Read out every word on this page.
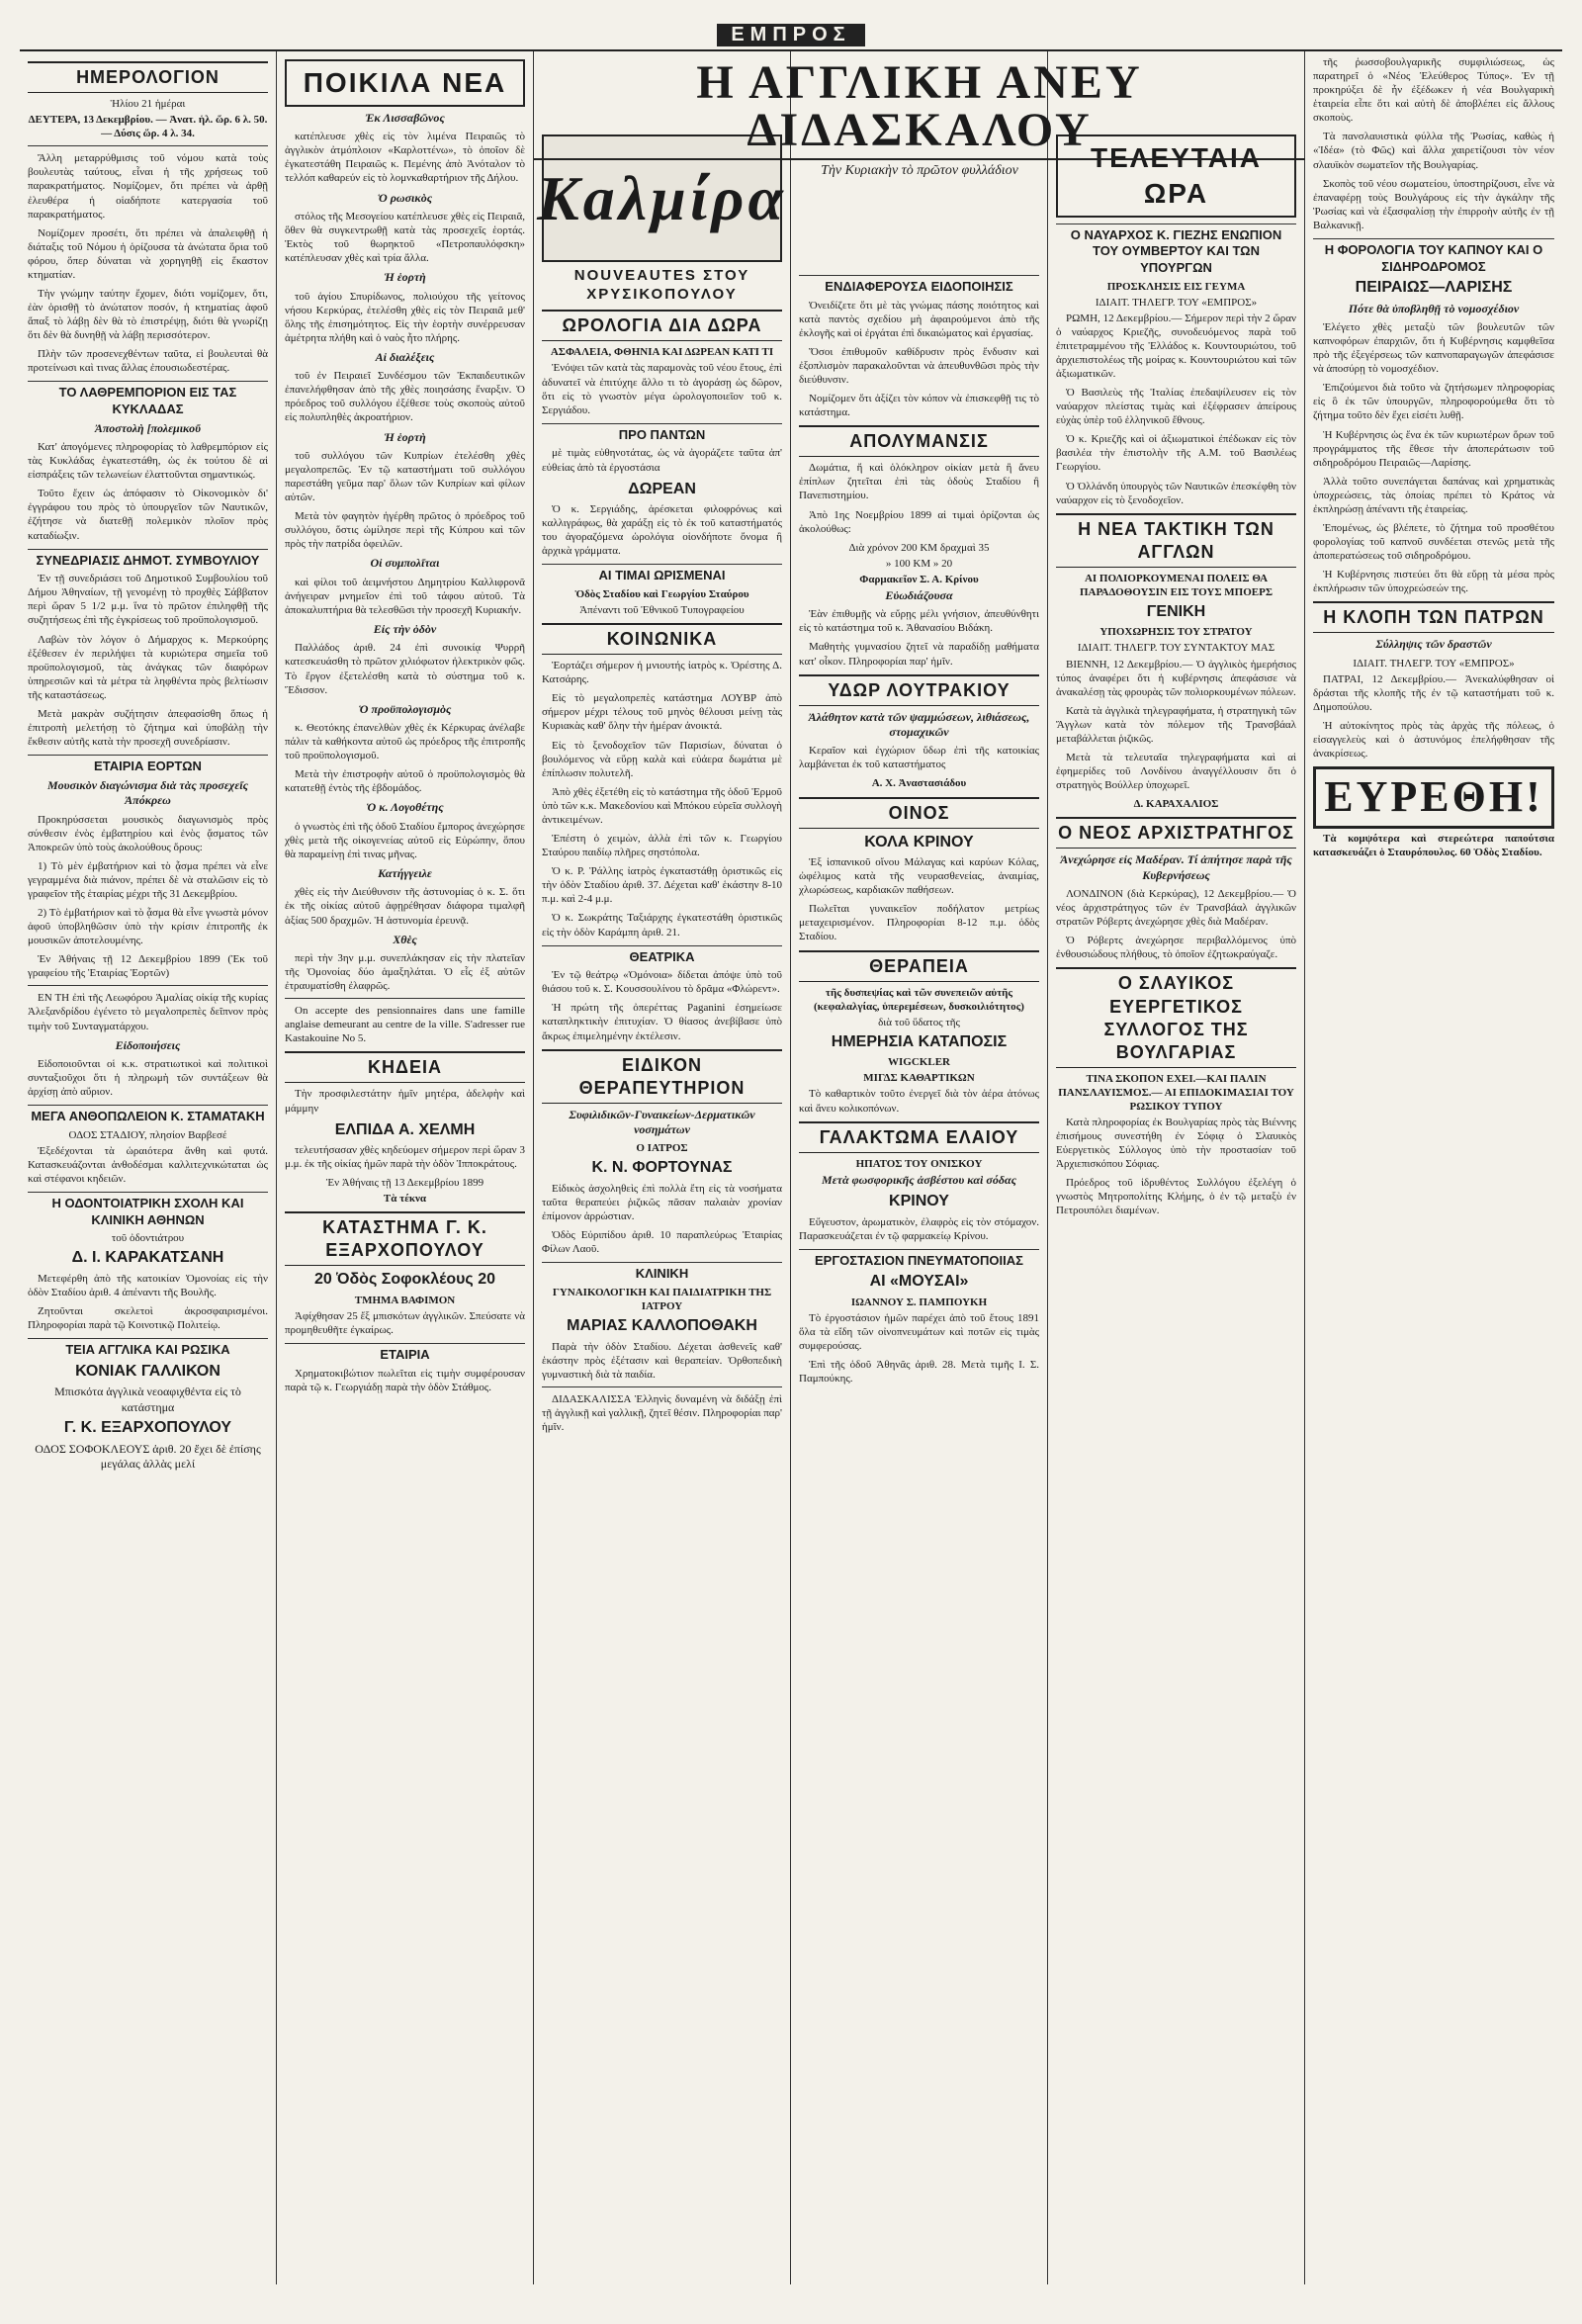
ΕΜΠΡΟΣ
ΗΜΕΡΟΛΟΓΙΟΝ
Ἡλίου 21 ἡμέραι
ΔΕΥΤΕΡΑ, 13 Δεκεμβρίου. — Ἀνατ. ἡλ. ὥρ. 6 λ. 50.— Δύσις ὥρ. 4 λ. 34.

Ἄλλη μεταρρύθμισις τοῦ νόμου κατὰ τοὺς βουλευτὰς ταύτους, εἶναι ἡ τῆς χρήσεως τοῦ παρακρατήματος. Νομίζομεν, ὅτι πρέπει νὰ ἀρθῇ ἐλευθέρα ἡ οἱαδήποτε κατεργασία τοῦ παρακρατήματος.

Νομίζομεν προσέτι, ὅτι πρέπει νὰ ἀπαλειφθῇ ἡ διάταξις τοῦ Νόμου ἡ ὁρίζουσα τὰ ἀνώτατα ὅρια τοῦ φόρου, ὅπερ δύναται νὰ χορηγηθῇ εἰς ἕκαστον κτηματίαν.

Τὴν γνώμην ταύτην ἔχομεν, διότι νομίζομεν, ὅτι, ἐὰν ὁρισθῇ τὸ ἀνώτατον ποσόν, ἡ κτηματίας ἀφοῦ ἅπαξ τὸ λάβῃ δὲν θὰ τὸ ἐπιστρέψῃ, διότι θὰ γνωρίζῃ ὅτι δὲν θὰ δυνηθῇ νὰ λάβῃ περισσότερον.

Πλὴν τῶν προσενεχθέντων ταῦτα, εἰ βουλευταὶ θὰ προτείνωσι καὶ τινας ἄλλας ἐπουσιωδεστέρας.

ΤΟ ΛΑΘΡΕΜΠΟΡΙΟΝ ΕΙΣ ΤΑΣ ΚΥΚΛΑΔΑΣ
Ἀποστολὴ [πολεμικοῦ

Κατ' ἀπογόμενες πληροφορίας τὸ λαθρεμπόριον εἰς τὰς Κυκλάδας ἐγκατεστάθη, ὡς ἐκ τούτου δὲ αἱ εἰσπράξεις τῶν τελωνείων ἐλαττοῦνται σημαντικώς.

Τοῦτο ἔχειν ὡς ἀπόφασιν τὸ Οἰκονομικὸν δι' ἐγγράφου του πρὸς τὸ ὑπουργεῖον τῶν Ναυτικῶν, ἐζήτησε νὰ διατεθῇ πολεμικὸν πλοῖον πρὸς καταδίωξιν.

ΣΥΝΕΔΡΙΑΣΙΣ ΔΗΜΟΤ. ΣΥΜΒΟΥΛΙΟΥ

Ἐν τῇ συνεδριάσει τοῦ Δημοτικοῦ Συμβουλίου τοῦ Δήμου Ἀθηναίων, τῇ γενομένῃ τὸ προχθὲς Σάββατον περὶ ὥραν 5 1/2 μ.μ. ἵνα τὸ πρῶτον ἐπιληφθῇ τῆς συζητήσεως ἐπὶ τῆς ἐγκρίσεως τοῦ προϋπολογισμοῦ.

Λαβὼν τὸν λόγον ὁ Δήμαρχος κ. Μερκούρης ἐξέθεσεν ἐν περιλήψει τὰ κυριώτερα σημεῖα τοῦ προϋπολογισμοῦ, τὰς ἀνάγκας τῶν διαφόρων ὑπηρεσιῶν καὶ τὰ μέτρα τὰ ληφθέντα πρὸς βελτίωσιν τῆς καταστάσεως.

Μετὰ μακρὰν συζήτησιν ἀπεφασίσθη ὅπως ἡ ἐπιτροπὴ μελετήσῃ τὸ ζήτημα καὶ ὑποβάλῃ τὴν ἔκθεσιν αὐτῆς κατὰ τὴν προσεχῆ συνεδρίασιν.

ΕΤΑΙΡΙΑ ΕΟΡΤΩΝ
Μουσικὸν διαγώνισμα διὰ τὰς προσεχεῖς Ἀπόκρεω

Προκηρύσσεται μουσικὸς διαγωνισμὸς πρὸς σύνθεσιν ἐνὸς ἐμβατηρίου καὶ ἑνὸς ᾄσματος τῶν Ἀποκρεῶν ὑπὸ τοὺς ἀκολούθους ὅρους:

1) Τὸ μὲν ἐμβατήριον καὶ τὸ ᾆσμα πρέπει νὰ εἶνε γεγραμμένα διὰ πιάνον, πρέπει δὲ νὰ σταλῶσιν εἰς τὸ γραφεῖον τῆς ἑταιρίας μέχρι τῆς 31 Δεκεμβρίου.

2) Τὸ ἐμβατήριον καὶ τὸ ᾆσμα θὰ εἶνε γνωστὰ μόνον ἀφοῦ ὑποβληθῶσιν ὑπὸ τὴν κρίσιν ἐπιτροπῆς ἐκ μουσικῶν ἀποτελουμένης.

Ἐν Ἀθήναις τῇ 12 Δεκεμβρίου 1899 (Ἐκ τοῦ γραφείου τῆς Ἑταιρίας Ἑορτῶν)

ΕΝ ΤΗ ἐπὶ τῆς Λεωφόρου Ἀμαλίας οἰκίᾳ τῆς κυρίας Ἀλεξανδρίδου ἐγένετο τὸ μεγαλοπρεπὲς δεῖπνον πρὸς τιμὴν τοῦ Συνταγματάρχου.

Εἰδοποιήσεις

Εἰδοποιοῦνται οἱ κ.κ. στρατιωτικοὶ καὶ πολιτικοὶ συνταξιοῦχοι ὅτι ἡ πληρωμὴ τῶν συντάξεων θὰ ἀρχίσῃ ἀπὸ αὔριον.

ΜΕΓΑ ΑΝΘΟΠΩΛΕΙΟΝ Κ. ΣΤΑΜΑΤΑΚΗ
ΟΔΟΣ ΣΤΑΔΙΟΥ, πλησίον Βαρβεσέ

Ἐξεδέχονται τὰ ὡραιότερα ἄνθη καὶ φυτά. Κατασκευάζονται ἀνθοδέσμαι καλλιτεχνικώταται ὡς καὶ στέφανοι κηδειῶν.

Η ΟΔΟΝΤΟΙΑΤΡΙΚΗ ΣΧΟΛΗ ΚΑΙ ΚΛΙΝΙΚΗ ΑΘΗΝΩΝ
τοῦ ὀδοντιάτρου
Δ. Ι. ΚΑΡΑΚΑΤΣΑΝΗ

Μετεφέρθη ἀπὸ τῆς κατοικίαν Ὁμονοίας εἰς τὴν ὁδὸν Σταδίου ἀριθ. 4 ἀπέναντι τῆς Βουλῆς.

Ζητοῦνται σκελετοὶ ἀκροσφαιρισμένοι. Πληροφορίαι παρὰ τῷ Κοινοτικῷ Πολιτείῳ.

ΤΕΙΑ ΑΓΓΛΙΚΑ ΚΑΙ ΡΩΣΙΚΑ
ΚΟΝΙΑΚ ΓΑΛΛΙΚΟΝ
Μπισκότα ἀγγλικὰ νεοαφιχθέντα εἰς τὸ κατάστημα
Γ. Κ. ΕΞΑΡΧΟΠΟΥΛΟΥ
ΟΔΟΣ ΣΟΦΟΚΛΕΟΥΣ ἀριθ. 20 ἔχει δὲ ἐπίσης μεγάλας ἀλλὰς μελί
ΠΟΙΚΙΛΑ ΝΕΑ
Ἐκ Λισσαβῶνος

κατέπλευσε χθὲς εἰς τὸν λιμένα Πειραιῶς τὸ ἀγγλικὸν ἀτμόπλοιον «Καρλοττένω», τὸ ὁποῖον δὲ ἐγκατεστάθη Πειραιῶς κ. Πεμένης ἀπὸ Ἀνόταλον τὸ τελλόπ καθαρεύν εἰς τὸ λομνκαθαρτήριον τῆς Δήλου.

Ὁ ρωσικὸς

στόλος τῆς Μεσογείου κατέπλευσε χθὲς εἰς Πειραιᾶ, ὅθεν θὰ συγκεντρωθῇ κατὰ τὰς προσεχεῖς ἑορτάς. Ἐκτὸς τοῦ θωρηκτοῦ «Πετροπαυλόφσκη» κατέπλευσαν χθὲς καὶ τρία ἄλλα.

Ἡ ἑορτὴ

τοῦ ἁγίου Σπυρίδωνος, πολιούχου τῆς γείτονος νήσου Κερκύρας, ἐτελέσθη χθὲς εἰς τὸν Πειραιᾶ μεθ' ὅλης τῆς ἐπισημότητος. Εἰς τὴν ἑορτὴν συνέρρευσαν ἀμέτρητα πλήθη καὶ ὁ ναὸς ἦτο πλήρης.

Αἱ διαλέξεις

τοῦ ἐν Πειραιεῖ Συνδέσμου τῶν Ἐκπαιδευτικῶν ἐπανελήφθησαν ἀπὸ τῆς χθὲς ποιησάσης ἔναρξιν. Ὁ πρόεδρος τοῦ συλλόγου ἐξέθεσε τοὺς σκοποὺς αὐτοῦ εἰς πολυπληθὲς ἀκροατήριον.

Ἡ ἑορτὴ

τοῦ συλλόγου τῶν Κυπρίων ἐτελέσθη χθὲς μεγαλοπρεπῶς. Ἐν τῷ καταστήματι τοῦ συλλόγου παρεστάθη γεῦμα παρ' ὅλων τῶν Κυπρίων καὶ φίλων αὐτῶν.

Μετὰ τὸν φαγητὸν ἡγέρθη πρῶτος ὁ πρόεδρος τοῦ συλλόγου, ὅστις ὡμίλησε περὶ τῆς Κύπρου καὶ τῶν πρὸς τὴν πατρίδα ὀφειλῶν.

Οἱ συμπολῖται

καὶ φίλοι τοῦ ἀειμνήστου Δημητρίου Καλλιφρονᾶ ἀνήγειραν μνημεῖον ἐπὶ τοῦ τάφου αὐτοῦ. Τὰ ἀποκαλυπτήρια θὰ τελεσθῶσι τὴν προσεχῆ Κυριακήν.

Εἰς τὴν ὁδὸν

Παλλάδος ἀριθ. 24 ἐπὶ συνοικίᾳ Ψυρρῆ κατεσκευάσθη τὸ πρῶτον χιλιόφωτον ἠλεκτρικὸν φῶς. Τὸ ἔργον ἐξετελέσθη κατὰ τὸ σύστημα τοῦ κ. Ἔδισσον.

Ὁ προϋπολογισμὸς

κ. Θεοτόκης ἐπανελθὼν χθὲς ἐκ Κέρκυρας ἀνέλαβε πάλιν τὰ καθήκοντα αὐτοῦ ὡς πρόεδρος τῆς ἐπιτροπῆς τοῦ προϋπολογισμοῦ.

Μετὰ τὴν ἐπιστροφὴν αὐτοῦ ὁ προϋπολογισμὸς θὰ κατατεθῇ ἐντὸς τῆς ἑβδομάδος.

Ὁ κ. Λογοθέτης

ὁ γνωστὸς ἐπὶ τῆς ὁδοῦ Σταδίου ἔμπορος ἀνεχώρησε χθὲς μετὰ τῆς οἰκογενείας αὐτοῦ εἰς Εὐρώπην, ὅπου θὰ παραμείνῃ ἐπὶ τινας μῆνας.

Κατήγγειλε

χθὲς εἰς τὴν Διεύθυνσιν τῆς ἀστυνομίας ὁ κ. Σ. ὅτι ἐκ τῆς οἰκίας αὐτοῦ ἀφῃρέθησαν διάφορα τιμαλφῆ ἀξίας 500 δραχμῶν. Ἡ ἀστυνομία ἐρευνᾷ.

Χθὲς

περὶ τὴν 3ην μ.μ. συνεπλάκησαν εἰς τὴν πλατεῖαν τῆς Ὁμονοίας δύο ἁμαξηλάται. Ὁ εἷς ἐξ αὐτῶν ἐτραυματίσθη ἐλαφρῶς.

On accepte des pensionnaires dans une famille anglaise demeurant au centre de la ville. S'adresser rue Kastakouine No 5.

ΚΗΔΕΙΑ

Τὴν προσφιλεστάτην ἡμῖν μητέρα, ἀδελφὴν καὶ μάμμην

ΕΛΠΙΔΑ Α. ΧΕΛΜΗ

τελευτήσασαν χθὲς κηδεύομεν σήμερον περὶ ὥραν 3 μ.μ. ἐκ τῆς οἰκίας ἡμῶν παρὰ τὴν ὁδὸν Ἰπποκράτους.

Ἐν Ἀθήναις τῇ 13 Δεκεμβρίου 1899
Τὰ τέκνα
ΚΑΤΑΣΤΗΜΑ Γ. Κ. ΕΞΑΡΧΟΠΟΥΛΟΥ
20 Ὁδὸς Σοφοκλέους 20
ΤΜΗΜΑ ΒΑΦΙΜΟΝ

Ἀφίχθησαν 25 ἔξ μπισκότων ἀγγλικῶν. Σπεύσατε νὰ προμηθευθῆτε ἐγκαίρως.

ΕΤΑΙΡΙΑ

Χρηματοκιβώτιον πωλεῖται εἰς τιμὴν συμφέρουσαν παρὰ τῷ κ. Γεωργιάδῃ παρὰ τὴν ὁδὸν Στάθμος.

Kaλμίρα
NOUVEAUTES ΣΤΟΥ ΧΡΥΣΙΚΟΠΟΥΛΟΥ
ΩΡΟΛΟΓΙΑ ΔΙΑ ΔΩΡΑ
ΑΣΦΑΛΕΙΑ, ΦΘΗΝΙΑ ΚΑΙ ΔΩΡΕΑΝ ΚΑΤΙ ΤΙ

Ἐνόψει τῶν κατὰ τὰς παραμονὰς τοῦ νέου ἔτους, ἐπὶ ἀδυνατεῖ νὰ ἐπιτύχηε ἄλλο τι τὸ ἀγοράσῃ ὡς δῶρον, ὅτι εἰς τὸ γνωστὸν μέγα ὡρολογοποιεῖον τοῦ κ. Σεργιάδου.

ΠΡΟ ΠΑΝΤΩΝ

μὲ τιμὰς εὐθηνοτάτας, ὡς νὰ ἀγοράζετε ταῦτα ἀπ' εὐθείας ἀπὸ τὰ ἐργοστάσια

ΔΩΡΕΑΝ

Ὁ κ. Σεργιάδης, ἀρέσκεται φιλοφρόνως καὶ καλλιγράφως, θὰ χαράξῃ εἰς τὸ ἐκ τοῦ καταστήματός του ἀγοραζόμενα ὡρολόγια οἱονδήποτε ὄνομα ἢ ἀρχικὰ γράμματα.

ΑΙ ΤΙΜΑΙ ΩΡΙΣΜΕΝΑΙ
Ὁδὸς Σταδίου καὶ Γεωργίου Σταύρου
Ἀπέναντι τοῦ Ἐθνικοῦ Τυπογραφείου
ΚΟΙΝΩΝΙΚΑ

Ἑορτάζει σήμερον ἡ μνιουτής ἰατρὸς κ. Ὀρέστης Δ. Κατσάρης.

Εἰς τὸ μεγαλοπρεπὲς κατάστημα ΛΟΥΒΡ ἀπὸ σήμερον μέχρι τέλους τοῦ μηνὸς θέλουσι μείνῃ τὰς Κυριακὰς καθ' ὅλην τὴν ἡμέραν ἀνοικτά.

Εἰς τὸ ξενοδοχεῖον τῶν Παρισίων, δύναται ὁ βουλόμενος νὰ εὕρῃ καλὰ καὶ εὐάερα δωμάτια μὲ ἐπίπλωσιν πολυτελῆ.

Ἀπὸ χθὲς ἐξετέθη εἰς τὸ κατάστημα τῆς ὁδοῦ Ἑρμοῦ ὑπὸ τῶν κ.κ. Μακεδονίου καὶ Μπόκου εὐρεῖα συλλογὴ ἀντικειμένων.

Ἐπέστη ὁ χειμὼν, ἀλλὰ ἐπὶ τῶν κ. Γεωργίου Σταύρου παιδίῳ πλῆρες σηστόπολα.

Ὁ κ. Ρ. Ῥάλλης ἰατρὸς ἐγκαταστάθῃ ὁριστικῶς εἰς τὴν ὁδὸν Σταδίου ἀριθ. 37. Δέχεται καθ' ἑκάστην 8-10 π.μ. καὶ 2-4 μ.μ.

Ὁ κ. Σωκράτης Ταξιάρχης ἐγκατεστάθη ὁριστικῶς εἰς τὴν ὁδὸν Καράμπη ἀριθ. 21.

ΘΕΑΤΡΙΚΑ

Ἐν τῷ θεάτρῳ «Ὀμόνοια» δίδεται ἀπόψε ὑπὸ τοῦ θιάσου τοῦ κ. Σ. Κουσσουλίνου τὸ δρᾶμα «Φλώρεντ».

Ἡ πρώτη τῆς ὀπερέττας Paganini ἐσημείωσε καταπληκτικὴν ἐπιτυχίαν. Ὁ θίασος ἀνεβίβασε ὑπὸ ἄκρως ἐπιμελημένην ἐκτέλεσιν.

ΕΙΔΙΚΟΝ ΘΕΡΑΠΕΥΤΗΡΙΟΝ
Συφιλιδικῶν-Γυναικείων-Δερματικῶν νοσημάτων
Ο ΙΑΤΡΟΣ
Κ. Ν. ΦΟΡΤΟΥΝΑΣ

Εἰδικὸς ἀσχοληθεὶς ἐπὶ πολλὰ ἔτη εἰς τὰ νοσήματα ταῦτα θεραπεύει ῥιζικῶς πᾶσαν παλαιὰν χρονίαν ἐπίμονον ἀρρώστιαν.

Ὁδὸς Εὐριπίδου ἀριθ. 10 παραπλεύρως Ἑταιρίας Φίλων Λαοῦ.

ΚΛΙΝΙΚΗ
ΓΥΝΑΙΚΟΛΟΓΙΚΗ ΚΑΙ ΠΑΙΔΙΑΤΡΙΚΗ ΤΗΣ ΙΑΤΡΟΥ
ΜΑΡΙΑΣ ΚΑΛΛΟΠΟΘΑΚΗ

Παρὰ τὴν ὁδὸν Σταδίου. Δέχεται ἀσθενεῖς καθ' ἑκάστην πρὸς ἐξέτασιν καὶ θεραπείαν. Ὀρθοπεδικὴ γυμναστικὴ διὰ τὰ παιδία.

ΔΙΔΑΣΚΑΛΙΣΣΑ Ἑλληνὶς δυναμένη νὰ διδάξῃ ἐπὶ τῇ ἀγγλικῇ καὶ γαλλικῇ, ζητεῖ θέσιν. Πληροφορίαι παρ' ἡμῖν.

ΕΝΔΙΑΦΕΡΟΥΣΑ ΕΙΔΟΠΟΙΗΣΙΣ

Ὀνειδίζετε ὅτι μὲ τὰς γνώμας πάσης ποιότητος καὶ κατὰ παντὸς σχεδίου μὴ ἀφαιρούμενοι ἀπὸ τῆς ἐκλογῆς καὶ οἱ ἐργάται ἐπὶ δικαιώματος καὶ ἐργασίας.

Ὅσοι ἐπιθυμοῦν καθίδρυσιν πρὸς ἔνδυσιν καὶ ἐξοπλισμὸν παρακαλοῦνται νὰ ἀπευθυνθῶσι πρὸς τὴν διεύθυνσιν.

Νομίζομεν ὅτι ἀξίζει τὸν κόπον νὰ ἐπισκεφθῇ τις τὸ κατάστημα.

ΑΠΟΛΥΜΑΝΣΙΣ

Δωμάτια, ἤ καὶ ὁλόκληρον οἰκίαν μετὰ ἢ ἄνευ ἐπίπλων ζητεῖται ἐπὶ τὰς ὁδοὺς Σταδίου ἢ Πανεπιστημίου.

Ἀπὸ 1ης Νοεμβρίου 1899 αἱ τιμαὶ ὁρίζονται ὡς ἀκολούθως:

Διὰ χρόνον 200 ΚΜ δραχμαὶ 35
» 100 ΚΜ » 20
Φαρμακεῖον Σ. Α. Κρίνου
Εὐωδιάζουσα

Ἐὰν ἐπιθυμῇς νὰ εὔρῃς μέλι γνήσιον, ἀπευθύνθητι εἰς τὸ κατάστημα τοῦ κ. Ἀθανασίου Βιδάκη.

Μαθητὴς γυμνασίου ζητεῖ νὰ παραδίδῃ μαθήματα κατ' οἶκον. Πληροφορίαι παρ' ἡμῖν.

ΥΔΩΡ ΛΟΥΤΡΑΚΙΟΥ
Ἀλάθητον κατὰ τῶν ψαμμώσεων, λιθιάσεως, στομαχικῶν

Κεραῖον καὶ ἐγχώριον ὕδωρ ἐπὶ τῆς κατοικίας λαμβάνεται ἐκ τοῦ καταστήματος

Α. Χ. Ἀναστασιάδου
ΟΙΝΟΣ
ΚΟΛΑ ΚΡΙΝΟΥ

Ἐξ ἱσπανικοῦ οἴνου Μάλαγας καὶ καρύων Κόλας, ὠφέλιμος κατὰ τῆς νευρασθενείας, ἀναιμίας, χλωρώσεως, καρδιακῶν παθήσεων.

Πωλεῖται γυναικεῖον ποδήλατον μετρίως μεταχειρισμένον. Πληροφορίαι 8-12 π.μ. ὁδὸς Σταδίου.

ΘΕΡΑΠΕΙΑ
τῆς δυσπεψίας καὶ τῶν συνεπειῶν αὐτῆς (κεφαλαλγίας, ὑπερεμέσεων, δυσκοιλιότητος)
διὰ τοῦ ὕδατος τῆς
ΗΜΕΡΗΣΙΑ ΚΑΤΑΠΟΣΙΣ
WIGCKLER
ΜΙΓΔΣ ΚΑΘΑΡΤΙΚΩΝ

Τὸ καθαρτικὸν τοῦτο ἐνεργεῖ διὰ τὸν ἀέρα ἀτόνως καὶ ἄνευ κολικοπόνων.

ΓΑΛΑΚΤΩΜΑ ΕΛΑΙΟΥ
ΗΠΑΤΟΣ ΤΟΥ ΟΝΙΣΚΟΥ
Μετὰ φωσφορικῆς ἀσβέστου καὶ σόδας
ΚΡΙΝΟΥ

Εὔγευστον, ἀρωματικὸν, ἐλαφρὸς εἰς τὸν στόμαχον. Παρασκευάζεται ἐν τῷ φαρμακείῳ Κρίνου.

ΕΡΓΟΣΤΑΣΙΟΝ ΠΝΕΥΜΑΤΟΠΟΙΙΑΣ
ΑΙ «ΜΟΥΣΑΙ»
ΙΩΑΝΝΟΥ Σ. ΠΑΜΠΟΥΚΗ

Τὸ ἐργοστάσιον ἡμῶν παρέχει ἀπὸ τοῦ ἔτους 1891 ὅλα τὰ εἴδη τῶν οἰνοπνευμάτων καὶ ποτῶν εἰς τιμὰς συμφερούσας.

Ἐπὶ τῆς ὁδοῦ Ἀθηνᾶς ἀριθ. 28. Μετὰ τιμῆς Ι. Σ. Παμπούκης.

ΤΕΛΕΥΤΑΙΑ ΩΡΑ
Ο ΝΑΥΑΡΧΟΣ Κ. ΓΙΕΖΗΣ ΕΝΩΠΙΟΝ ΤΟΥ ΟΥΜΒΕΡΤΟΥ ΚΑΙ ΤΩΝ ΥΠΟΥΡΓΩΝ
ΠΡΟΣΚΛΗΣΙΣ ΕΙΣ ΓΕΥΜΑ
ΙΔΙΑΙΤ. ΤΗΛΕΓΡ. ΤΟΥ «ΕΜΠΡΟΣ»

ΡΩΜΗ, 12 Δεκεμβρίου.— Σήμερον περὶ τὴν 2 ὥραν ὁ ναύαρχος Κριεζῆς, συνοδευόμενος παρὰ τοῦ ἐπιτετραμμένου τῆς Ἑλλάδος κ. Κουντουριώτου, τοῦ ἀρχιεπιστολέως τῆς μοίρας κ. Κουντουριώτου καὶ τῶν ἀξιωματικῶν.

Ὁ Βασιλεὺς τῆς Ἰταλίας ἐπεδαψίλευσεν εἰς τὸν ναύαρχον πλείστας τιμὰς καὶ ἐξέφρασεν ἀπείρους εὐχὰς ὑπὲρ τοῦ ἑλληνικοῦ ἔθνους.

Ὁ κ. Κριεζῆς καὶ οἱ ἀξιωματικοὶ ἐπέδωκαν εἰς τὸν βασιλέα τὴν ἐπιστολὴν τῆς Α.Μ. τοῦ Βασιλέως Γεωργίου.

Ὁ Ὀλλάνδη ὑπουργὸς τῶν Ναυτικῶν ἐπεσκέφθη τὸν ναύαρχον εἰς τὸ ξενοδοχεῖον.

Η ΝΕΑ ΤΑΚΤΙΚΗ ΤΩΝ ΑΓΓΛΩΝ
ΑΙ ΠΟΛΙΟΡΚΟΥΜΕΝΑΙ ΠΟΛΕΙΣ ΘΑ ΠΑΡΑΔΟΘΟΥΣΙΝ ΕΙΣ ΤΟΥΣ ΜΠΟΕΡΣ
ΓΕΝΙΚΗ
ΥΠΟΧΩΡΗΣΙΣ ΤΟΥ ΣΤΡΑΤΟΥ
ΙΔΙΑΙΤ. ΤΗΛΕΓΡ. ΤΟΥ ΣΥΝΤΑΚΤΟΥ ΜΑΣ

ΒΙΕΝΝΗ, 12 Δεκεμβρίου.— Ὁ ἀγγλικὸς ἡμερήσιος τύπος ἀναφέρει ὅτι ἡ κυβέρνησις ἀπεφάσισε νὰ ἀνακαλέσῃ τὰς φρουρὰς τῶν πολιορκουμένων πόλεων.

Κατὰ τὰ ἀγγλικὰ τηλεγραφήματα, ἡ στρατηγικὴ τῶν Ἄγγλων κατὰ τὸν πόλεμον τῆς Τρανσβάαλ μεταβάλλεται ῥιζικῶς.

Μετὰ τὰ τελευταῖα τηλεγραφήματα καὶ αἱ ἐφημερίδες τοῦ Λονδίνου ἀναγγέλλουσιν ὅτι ὁ στρατηγὸς Βούλλερ ὑποχωρεῖ.

Δ. ΚΑΡΑΧΑΛΙΟΣ
Ο ΝΕΟΣ ΑΡΧΙΣΤΡΑΤΗΓΟΣ
Ἀνεχώρησε εἰς Μαδέραν. Τί ἀπήτησε παρὰ τῆς Κυβερνήσεως

ΛΟΝΔΙΝΟΝ (διὰ Κερκύρας), 12 Δεκεμβρίου.— Ὁ νέος ἀρχιστράτηγος τῶν ἐν Τρανσβάαλ ἀγγλικῶν στρατῶν Ρόβερτς ἀνεχώρησε χθὲς διὰ Μαδέραν.

Ὁ Ρόβερτς ἀνεχώρησε περιβαλλόμενος ὑπὸ ἐνθουσιώδους πλήθους, τὸ ὁποῖον ἐζητωκραύγαζε.

Ο ΣΛΑΥΙΚΟΣ ΕΥΕΡΓΕΤΙΚΟΣ ΣΥΛΛΟΓΟΣ ΤΗΣ ΒΟΥΛΓΑΡΙΑΣ
ΤΙΝΑ ΣΚΟΠΟΝ ΕΧΕΙ.—ΚΑΙ ΠΑΛΙΝ ΠΑΝΣΛΑΥΙΣΜΟΣ.— ΑΙ ΕΠΙΔΟΚΙΜΑΣΙΑΙ ΤΟΥ ΡΩΣΙΚΟΥ ΤΥΠΟΥ

Κατὰ πληροφορίας ἐκ Βουλγαρίας πρὸς τὰς Βιέννης ἐπισήμους συνεστήθη ἐν Σόφιᾳ ὁ Σλαυικὸς Εὐεργετικὸς Σύλλογος ὑπὸ τὴν προστασίαν τοῦ Ἀρχιεπισκόπου Σόφιας.

Πρόεδρος τοῦ ἱδρυθέντος Συλλόγου ἐξελέγη ὁ γνωστὸς Μητροπολίτης Κλήμης, ὁ ἐν τῷ μεταξὺ ἐν Πετρουπόλει διαμένων.

τῆς ῥωσσοβουλγαρικῆς συμφιλιώσεως, ὡς παρατηρεῖ ὁ «Νέος Ἐλεύθερος Τύπος». Ἐν τῇ προκηρύξει δὲ ἦν ἐξέδωκεν ἡ νέα Βουλγαρικὴ ἑταιρεία εἶπε ὅτι καὶ αὐτὴ δὲ ἀποβλέπει εἰς ἄλλους σκοποὺς.

Τὰ πανσλαυιστικὰ φύλλα τῆς Ῥωσίας, καθὼς ἡ «Ἰδέα» (τὸ Φῶς) καὶ ἄλλα χαιρετίζουσι τὸν νέον σλαυϊκὸν σωματεῖον τῆς Βουλγαρίας.

Σκοπὸς τοῦ νέου σωματείου, ὑποστηρίζουσι, εἶνε νὰ ἐπαναφέρῃ τοὺς Βουλγάρους εἰς τὴν ἀγκάλην τῆς Ῥωσίας καὶ νὰ ἐξασφαλίσῃ τὴν ἐπιρροὴν αὐτῆς ἐν τῇ Βαλκανικῇ.

Η ΦΟΡΟΛΟΓΙΑ ΤΟΥ ΚΑΠΝΟΥ ΚΑΙ Ο ΣΙΔΗΡΟΔΡΟΜΟΣ
ΠΕΙΡΑΙΩΣ—ΛΑΡΙΣΗΣ
Πότε θὰ ὑποβληθῇ τὸ νομοσχέδιον

Ἐλέγετο χθὲς μεταξὺ τῶν βουλευτῶν τῶν καπνοφόρων ἐπαρχιῶν, ὅτι ἡ Κυβέρνησις καμφθεῖσα πρὸ τῆς ἐξεγέρσεως τῶν καπνοπαραγωγῶν ἀπεφάσισε νὰ ἀποσύρῃ τὸ νομοσχέδιον.

Ἐπιζούμενοι διὰ τοῦτο νὰ ζητήσωμεν πληροφορίας εἰς ὃ ἐκ τῶν ὑπουργῶν, πληροφορούμεθα ὅτι τὸ ζήτημα τοῦτο δὲν ἔχει εἰσέτι λυθῇ.

Ἡ Κυβέρνησις ὡς ἕνα ἐκ τῶν κυριωτέρων ὅρων τοῦ προγράμματος τῆς ἔθεσε τὴν ἀποπεράτωσιν τοῦ σιδηροδρόμου Πειραιῶς—Λαρίσης.

Ἀλλὰ τοῦτο συνεπάγεται δαπάνας καὶ χρηματικὰς ὑποχρεώσεις, τὰς ὁποίας πρέπει τὸ Κράτος νὰ ἐκπληρώσῃ ἀπέναντι τῆς ἑταιρείας.

Ἐπομένως, ὡς βλέπετε, τὸ ζήτημα τοῦ προσθέτου φορολογίας τοῦ καπνοῦ συνδέεται στενῶς μετὰ τῆς ἀποπερατώσεως τοῦ σιδηροδρόμου.

Ἡ Κυβέρνησις πιστεύει ὅτι θὰ εὕρῃ τὰ μέσα πρὸς ἐκπλήρωσιν τῶν ὑποχρεώσεών της.

Η ΚΛΟΠΗ ΤΩΝ ΠΑΤΡΩΝ
Σύλληψις τῶν δραστῶν
ΙΔΙΑΙΤ. ΤΗΛΕΓΡ. ΤΟΥ «ΕΜΠΡΟΣ»

ΠΑΤΡΑΙ, 12 Δεκεμβρίου.— Ἀνεκαλύφθησαν οἱ δράσται τῆς κλοπῆς τῆς ἐν τῷ καταστήματι τοῦ κ. Δημοπούλου.

Ἡ αὐτοκίνητος πρὸς τὰς ἀρχὰς τῆς πόλεως, ὁ εἰσαγγελεὺς καὶ ὁ ἀστυνόμος ἐπελήφθησαν τῆς ἀνακρίσεως.

ΕΥΡΕΘΗ!

Τὰ κομψότερα καὶ στερεώτερα παπούτσια κατασκευάζει ὁ Σταυρόπουλος. 60 Ὁδὸς Σταδίου.

Η ΑΓΓΛΙΚΗ ΑΝΕΥ ΔΙΔΑΣΚΑΛΟΥ
Τὴν Κυριακὴν τὸ πρῶτον φυλλάδιον
